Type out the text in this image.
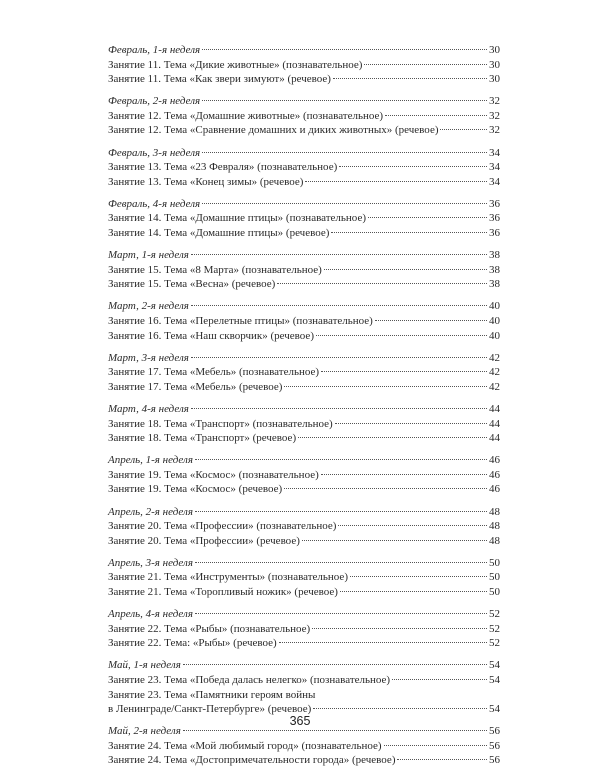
Февраль, 1-я неделя	30
Занятие 11. Тема «Дикие животные» (познавательное)	30
Занятие 11. Тема «Как звери зимуют» (речевое)	30
Февраль, 2-я неделя	32
Занятие 12. Тема «Домашние животные» (познавательное)	32
Занятие 12. Тема «Сравнение домашних и диких животных» (речевое)	32
Февраль, 3-я неделя	34
Занятие 13. Тема «23 Февраля» (познавательное)	34
Занятие 13. Тема «Конец зимы» (речевое)	34
Февраль, 4-я неделя	36
Занятие 14. Тема «Домашние птицы» (познавательное)	36
Занятие 14. Тема «Домашние птицы» (речевое)	36
Март, 1-я неделя	38
Занятие 15. Тема «8 Марта» (познавательное)	38
Занятие 15. Тема «Весна» (речевое)	38
Март, 2-я неделя	40
Занятие 16. Тема «Перелетные птицы» (познавательное)	40
Занятие 16. Тема «Наш скворчик» (речевое)	40
Март, 3-я неделя	42
Занятие 17. Тема «Мебель» (познавательное)	42
Занятие 17. Тема «Мебель» (речевое)	42
Март, 4-я неделя	44
Занятие 18. Тема «Транспорт» (познавательное)	44
Занятие 18. Тема «Транспорт» (речевое)	44
Апрель, 1-я неделя	46
Занятие 19. Тема «Космос» (познавательное)	46
Занятие 19. Тема «Космос» (речевое)	46
Апрель, 2-я неделя	48
Занятие 20. Тема «Профессии» (познавательное)	48
Занятие 20. Тема «Профессии» (речевое)	48
Апрель, 3-я неделя	50
Занятие 21. Тема «Инструменты» (познавательное)	50
Занятие 21. Тема «Торопливый ножик» (речевое)	50
Апрель, 4-я неделя	52
Занятие 22. Тема «Рыбы» (познавательное)	52
Занятие 22. Тема: «Рыбы» (речевое)	52
Май, 1-я неделя	54
Занятие 23. Тема «Победа далась нелегко» (познавательное)	54
Занятие 23. Тема «Памятники героям войны
в Ленинграде/Санкт-Петербурге» (речевое)	54
Май, 2-я неделя	56
Занятие 24. Тема «Мой любимый город» (познавательное)	56
Занятие 24. Тема «Достопримечательности города» (речевое)	56
365
